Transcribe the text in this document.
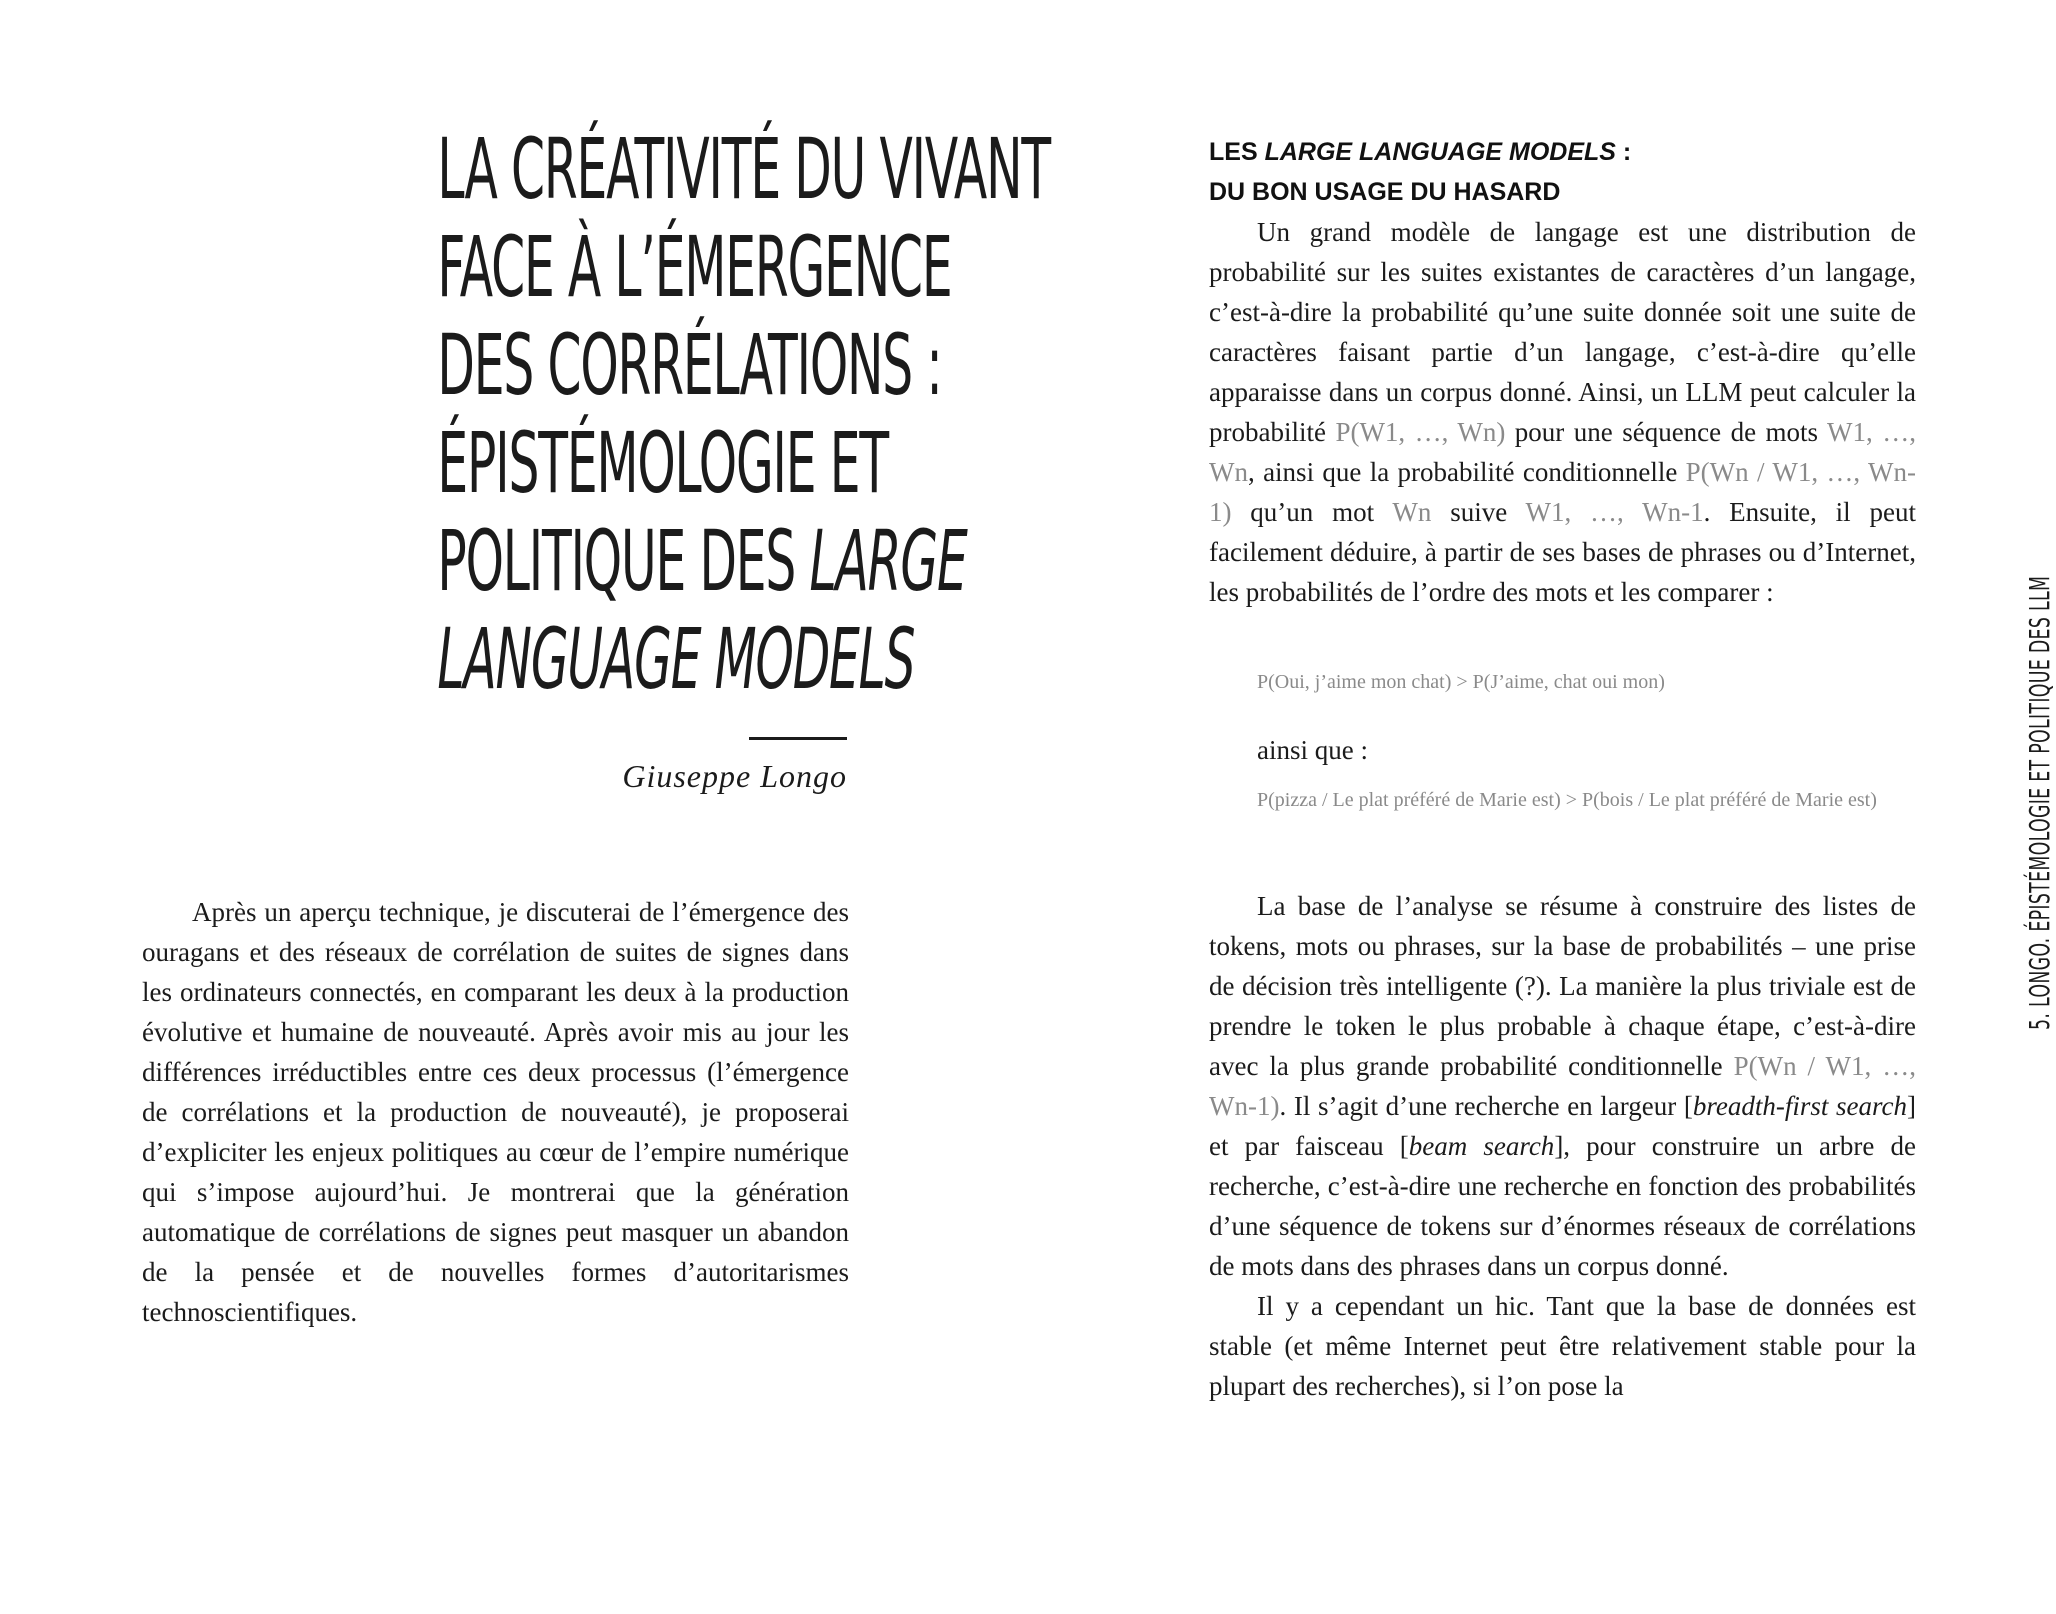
LA CRÉATIVITÉ DU VIVANT
FACE À L’ÉMERGENCE
DES CORRÉLATIONS :
ÉPISTÉMOLOGIE ET
POLITIQUE DES LARGE
LANGUAGE MODELS
Giuseppe Longo

Après un aperçu technique, je discuterai de l’émergence des ouragans et des réseaux de corrélation de suites de signes dans les ordinateurs connectés, en comparant les deux à la production évolutive et humaine de nouveauté. Après avoir mis au jour les différences irréductibles entre ces deux processus (l’émergence de corrélations et la production de nouveauté), je proposerai d’expliciter les enjeux politiques au cœur de l’empire numérique qui s’impose aujourd’hui. Je montrerai que la génération automatique de corrélations de signes peut masquer un abandon de la pensée et de nouvelles formes d’autoritarismes technoscientifiques.

LES LARGE LANGUAGE MODELS :
DU BON USAGE DU HASARD

Un grand modèle de langage est une distribution de probabilité sur les suites existantes de caractères d’un langage, c’est-à-dire la probabilité qu’une suite donnée soit une suite de caractères faisant partie d’un langage, c’est-à-dire qu’elle apparaisse dans un corpus donné. Ainsi, un LLM peut calculer la probabilité P(W1, …, Wn) pour une séquence de mots W1, …, Wn, ainsi que la probabilité conditionnelle P(Wn / W1, …, Wn-1) qu’un mot Wn suive W1, …, Wn-1. Ensuite, il peut facilement déduire, à partir de ses bases de phrases ou d’Internet, les probabilités de l’ordre des mots et les comparer :

P(Oui, j’aime mon chat) > P(J’aime, chat oui mon)

ainsi que :

P(pizza / Le plat préféré de Marie est) > P(bois / Le plat préféré de Marie est)

La base de l’analyse se résume à construire des listes de tokens, mots ou phrases, sur la base de probabilités – une prise de décision très intelligente (?). La manière la plus triviale est de prendre le token le plus probable à chaque étape, c’est-à-dire avec la plus grande probabilité conditionnelle P(Wn / W1, …, Wn-1). Il s’agit d’une recherche en largeur [breadth-first search] et par faisceau [beam search], pour construire un arbre de recherche, c’est-à-dire une recherche en fonction des probabilités d’une séquence de tokens sur d’énormes réseaux de corrélations de mots dans des phrases dans un corpus donné.

Il y a cependant un hic. Tant que la base de données est stable (et même Internet peut être relativement stable pour la plupart des recherches), si l’on pose la

5. LONGO. ÉPISTÉMOLOGIE ET POLITIQUE DES LLM
